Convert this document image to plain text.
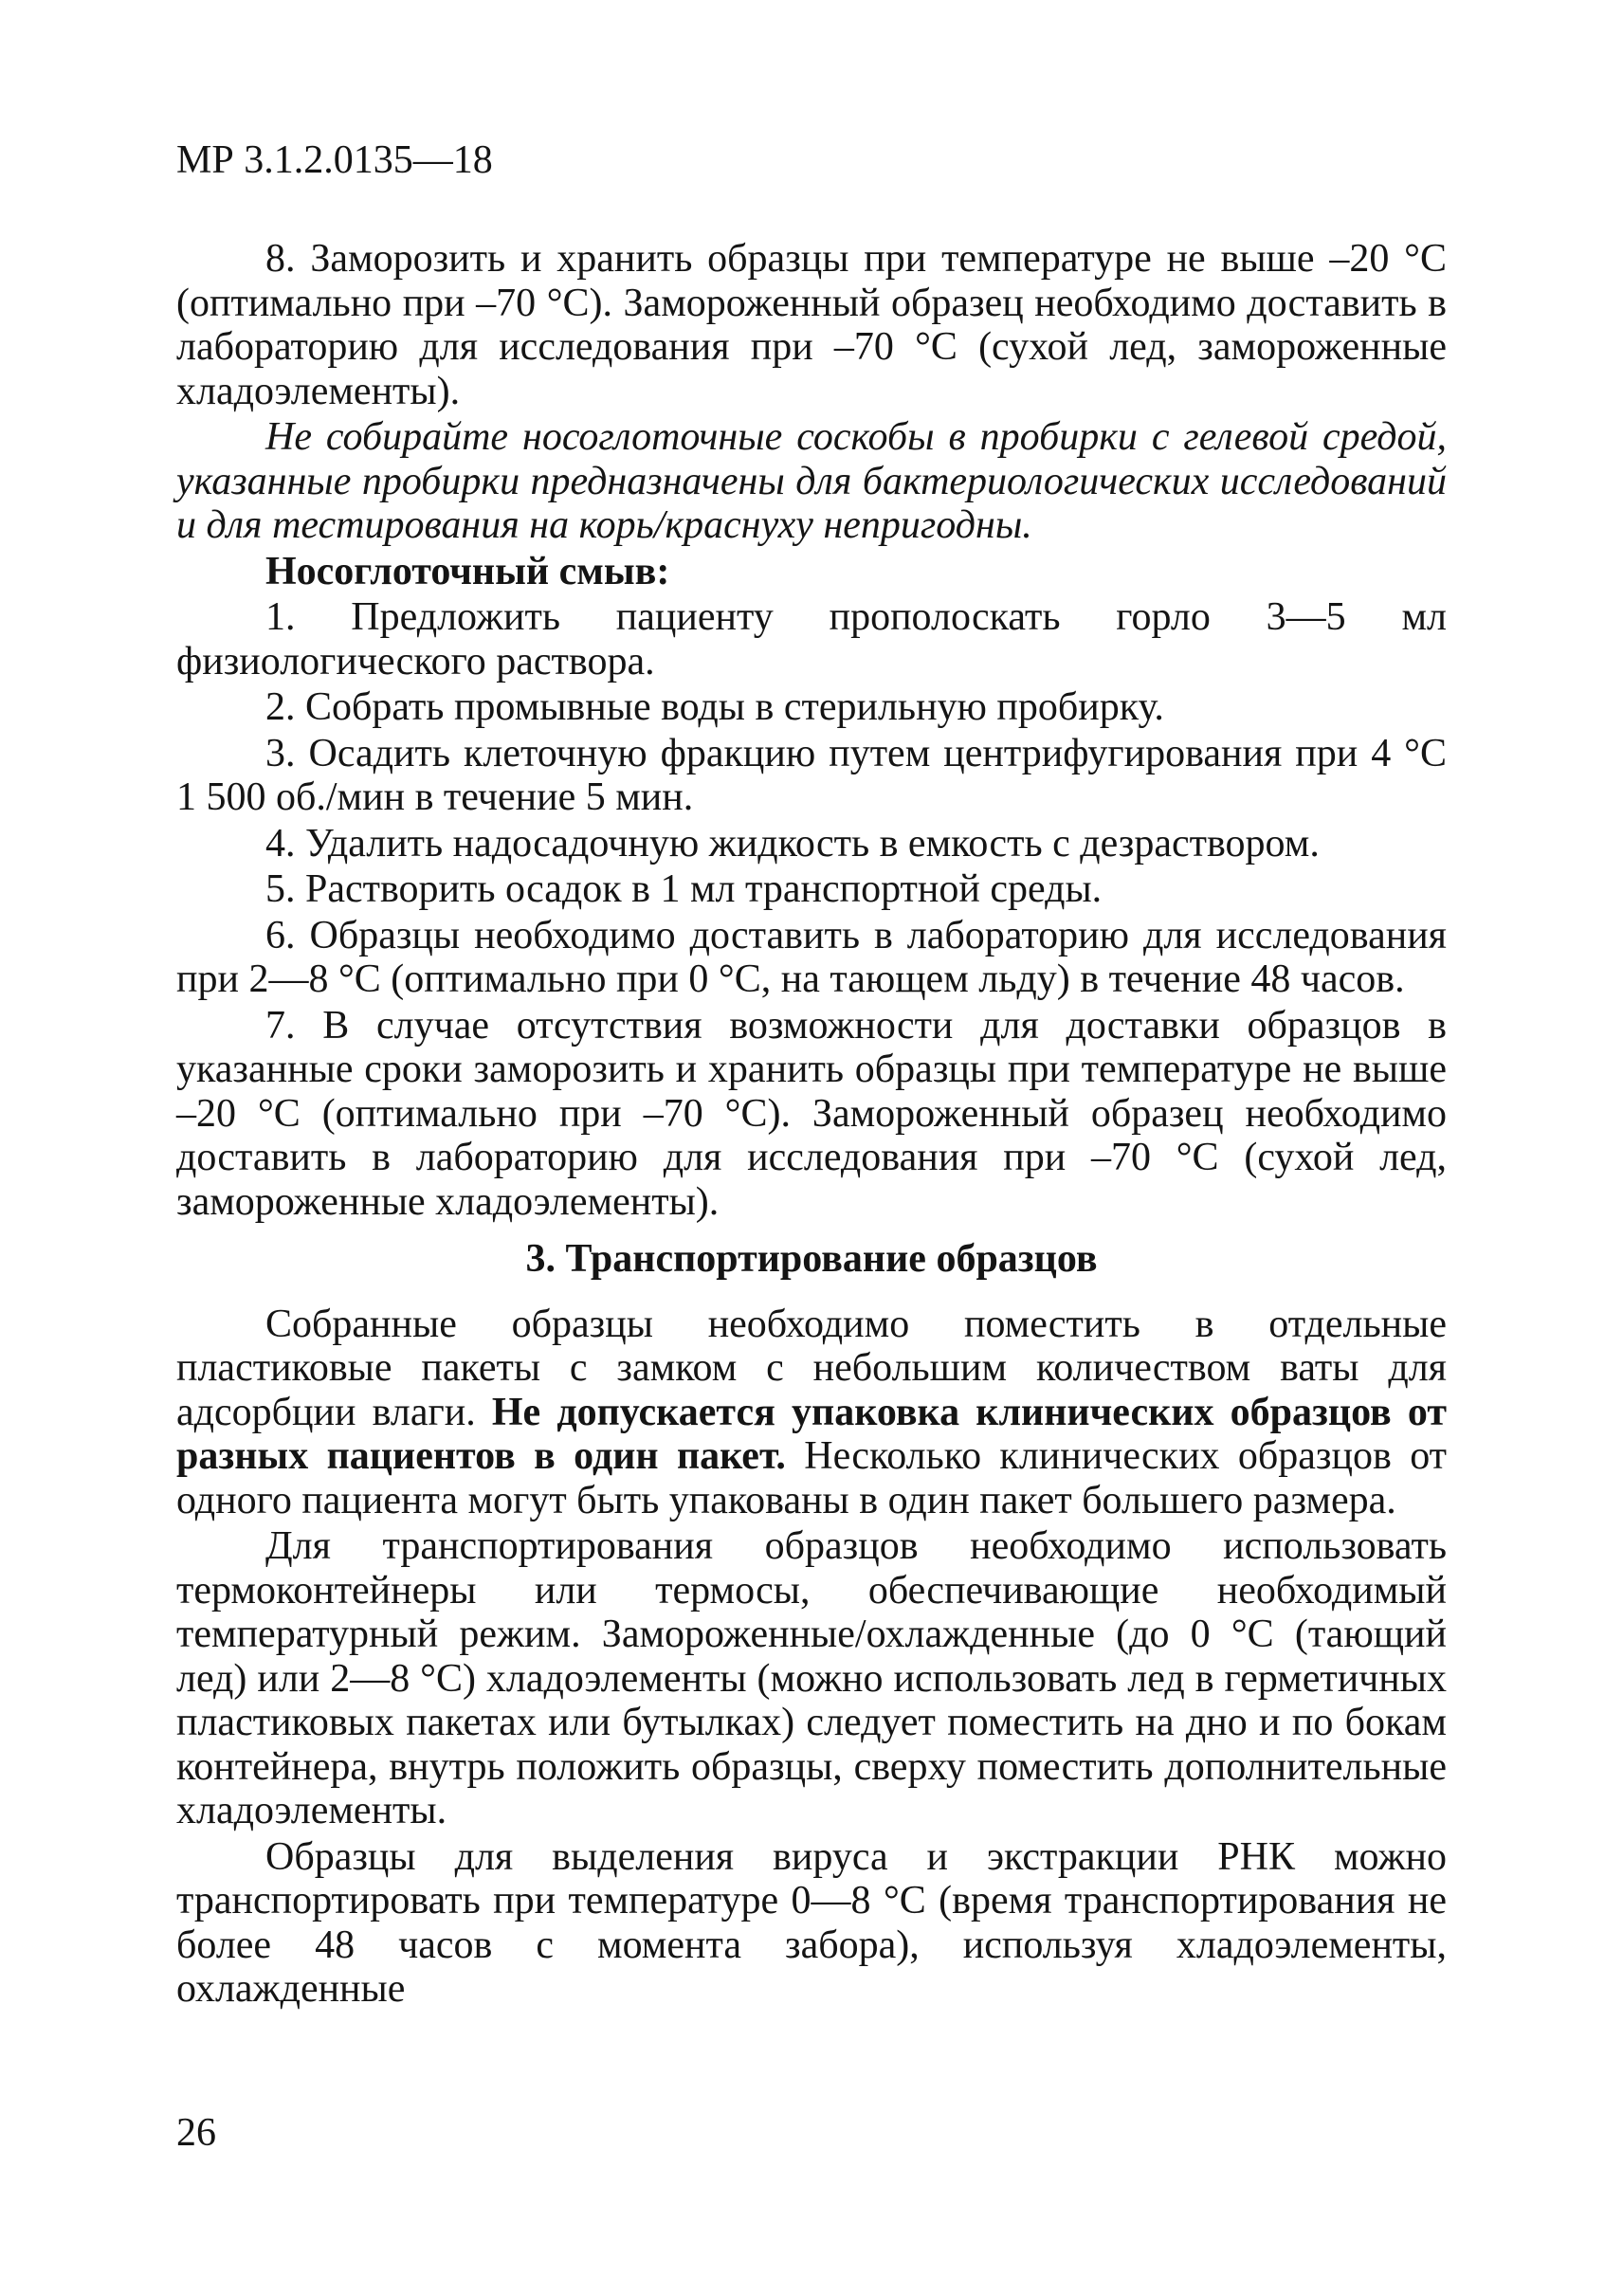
МР 3.1.2.0135—18

8. Заморозить и хранить образцы при температуре не выше –20 °С (оптимально при –70 °С). Замороженный образец необходимо доставить в лабораторию для исследования при –70 °С (сухой лед, замороженные хладоэлементы).

Не собирайте носоглоточные соскобы в пробирки с гелевой средой, указанные пробирки предназначены для бактериологических исследований и для тестирования на корь/краснуху непригодны.

Носоглоточный смыв:

1. Предложить пациенту прополоскать горло 3—5 мл физиологического раствора.

2. Собрать промывные воды в стерильную пробирку.

3. Осадить клеточную фракцию путем центрифугирования при 4 °С 1 500 об./мин в течение 5 мин.

4. Удалить надосадочную жидкость в емкость с дезраствором.

5. Растворить осадок в 1 мл транспортной среды.

6. Образцы необходимо доставить в лабораторию для исследования при 2—8 °С (оптимально при 0 °С, на тающем льду) в течение 48 часов.

7. В случае отсутствия возможности для доставки образцов в указанные сроки заморозить и хранить образцы при температуре не выше –20 °С (оптимально при –70 °С). Замороженный образец необходимо доставить в лабораторию для исследования при –70 °С (сухой лед, замороженные хладоэлементы).

3. Транспортирование образцов

Собранные образцы необходимо поместить в отдельные пластиковые пакеты с замком с небольшим количеством ваты для адсорбции влаги. Не допускается упаковка клинических образцов от разных пациентов в один пакет. Несколько клинических образцов от одного пациента могут быть упакованы в один пакет большего размера.

Для транспортирования образцов необходимо использовать термоконтейнеры или термосы, обеспечивающие необходимый температурный режим. Замороженные/охлажденные (до 0 °С (тающий лед) или 2—8 °С) хладоэлементы (можно использовать лед в герметичных пластиковых пакетах или бутылках) следует поместить на дно и по бокам контейнера, внутрь положить образцы, сверху поместить дополнительные хладоэлементы.

Образцы для выделения вируса и экстракции РНК можно транспортировать при температуре 0—8 °С (время транспортирования не более 48 часов с момента забора), используя хладоэлементы, охлажденные

26
